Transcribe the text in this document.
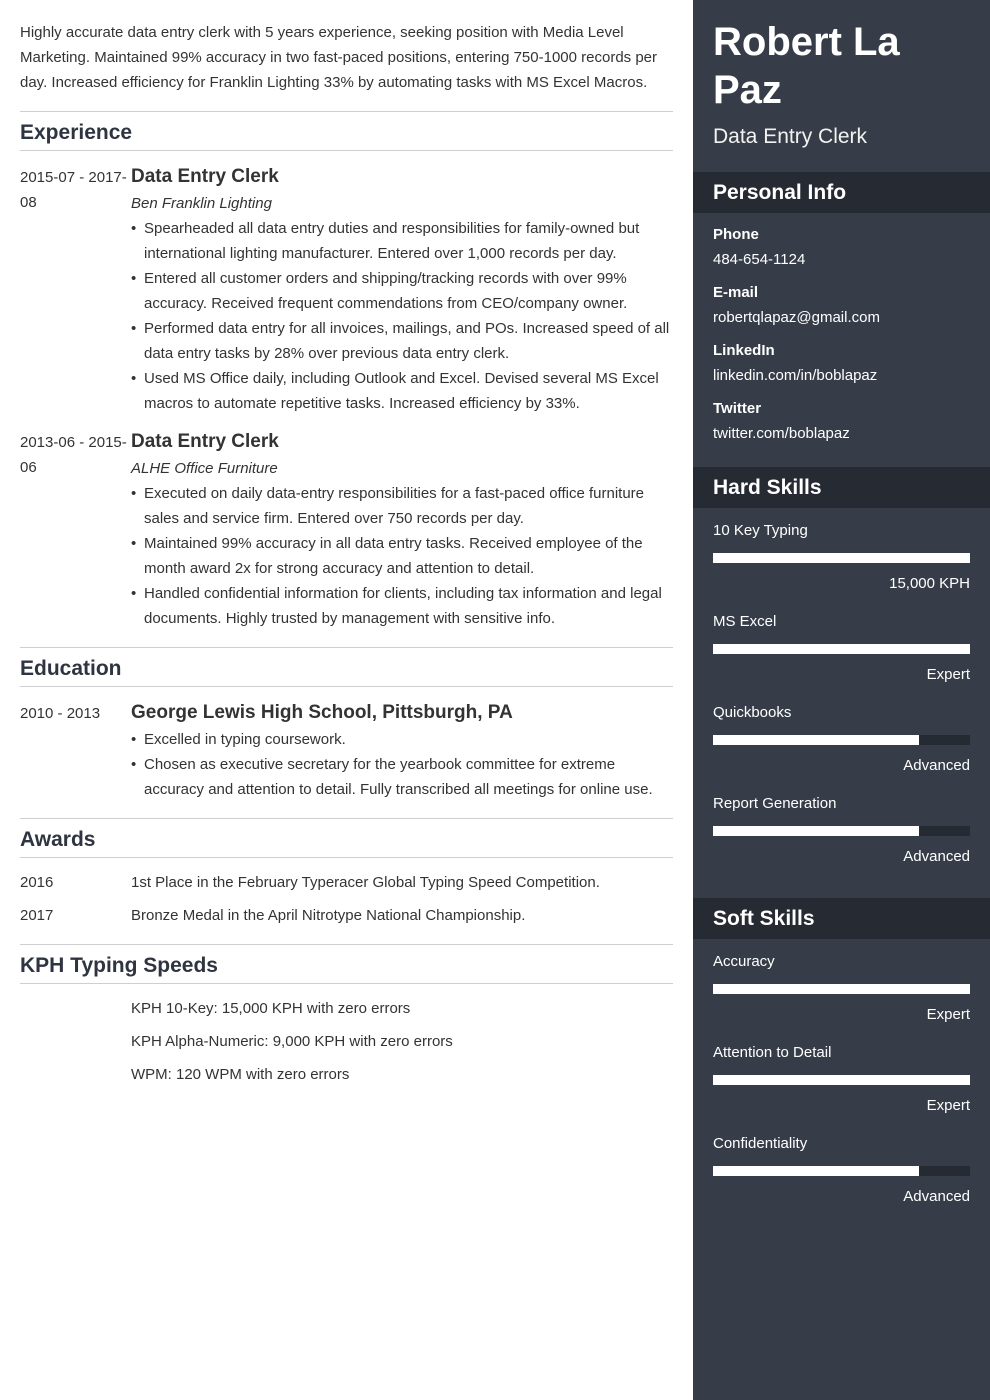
Highly accurate data entry clerk with 5 years experience, seeking position with Media Level Marketing. Maintained 99% accuracy in two fast-paced positions, entering 750-1000 records per day. Increased efficiency for Franklin Lighting 33% by automating tasks with MS Excel Macros.

Experience
2015-07 - 2017-08
Data Entry Clerk
Ben Franklin Lighting
• Spearheaded all data entry duties and responsibilities for family-owned but international lighting manufacturer. Entered over 1,000 records per day.
• Entered all customer orders and shipping/tracking records with over 99% accuracy. Received frequent commendations from CEO/company owner.
• Performed data entry for all invoices, mailings, and POs. Increased speed of all data entry tasks by 28% over previous data entry clerk.
• Used MS Office daily, including Outlook and Excel. Devised several MS Excel macros to automate repetitive tasks. Increased efficiency by 33%.
2013-06 - 2015-06
Data Entry Clerk
ALHE Office Furniture
• Executed on daily data-entry responsibilities for a fast-paced office furniture sales and service firm. Entered over 750 records per day.
• Maintained 99% accuracy in all data entry tasks. Received employee of the month award 2x for strong accuracy and attention to detail.
• Handled confidential information for clients, including tax information and legal documents. Highly trusted by management with sensitive info.
Education
2010 - 2013	George Lewis High School, Pittsburgh, PA
• Excelled in typing coursework.
• Chosen as executive secretary for the yearbook committee for extreme accuracy and attention to detail. Fully transcribed all meetings for online use.
Awards
2016	1st Place in the February Typeracer Global Typing Speed Competition.
2017	Bronze Medal in the April Nitrotype National Championship.
KPH Typing Speeds
KPH 10-Key: 15,000 KPH with zero errors
KPH Alpha-Numeric: 9,000 KPH with zero errors
WPM: 120 WPM with zero errors
Robert La Paz
Data Entry Clerk
Personal Info
Phone
484-654-1124
E-mail
robertqlapaz@gmail.com
LinkedIn
linkedin.com/in/boblapaz
Twitter
twitter.com/boblapaz
Hard Skills
10 Key Typing
15,000 KPH
MS Excel
Expert
Quickbooks
Advanced
Report Generation
Advanced
Soft Skills
Accuracy
Expert
Attention to Detail
Expert
Confidentiality
Advanced
